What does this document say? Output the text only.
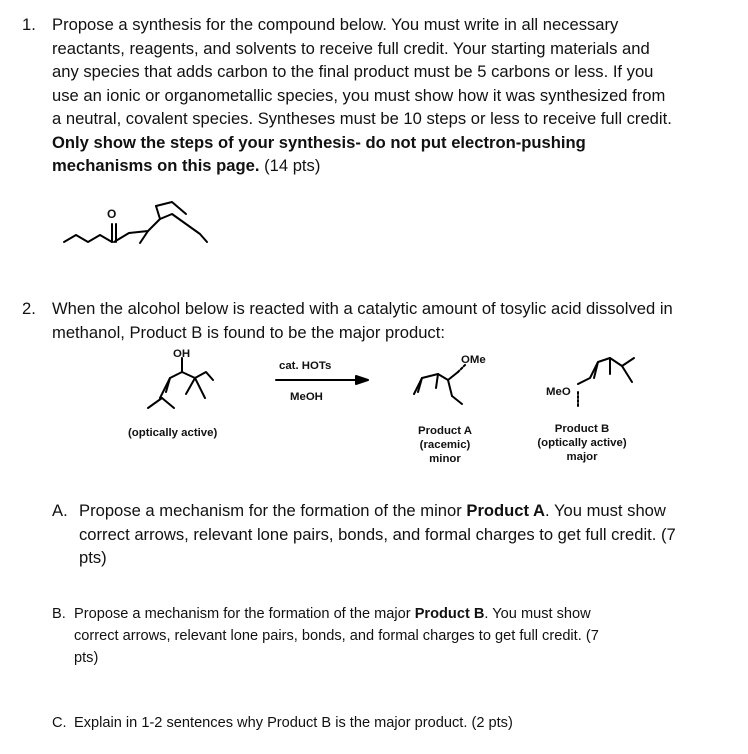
1. Propose a synthesis for the compound below. You must write in all necessary
reactants, reagents, and solvents to receive full credit. Your starting materials and
any species that adds carbon to the final product must be 5 carbons or less. If you
use an ionic or organometallic species, you must show how it was synthesized from
a neutral, covalent species. Syntheses must be 10 steps or less to receive full credit.
Only show the steps of your synthesis- do not put electron-pushing
mechanisms on this page. (14 pts)
O
2. When the alcohol below is reacted with a catalytic amount of tosylic acid dissolved in
methanol, Product B is found to be the major product:
OH
(optically active)
cat. HOTs
MeOH
OMe
Product A
(racemic)
minor
MeO
Product B
(optically active)
major
A. Propose a mechanism for the formation of the minor Product A. You must show
correct arrows, relevant lone pairs, bonds, and formal charges to get full credit. (7
pts)
B. Propose a mechanism for the formation of the major Product B. You must show
correct arrows, relevant lone pairs, bonds, and formal charges to get full credit. (7
pts)
C. Explain in 1-2 sentences why Product B is the major product. (2 pts)
